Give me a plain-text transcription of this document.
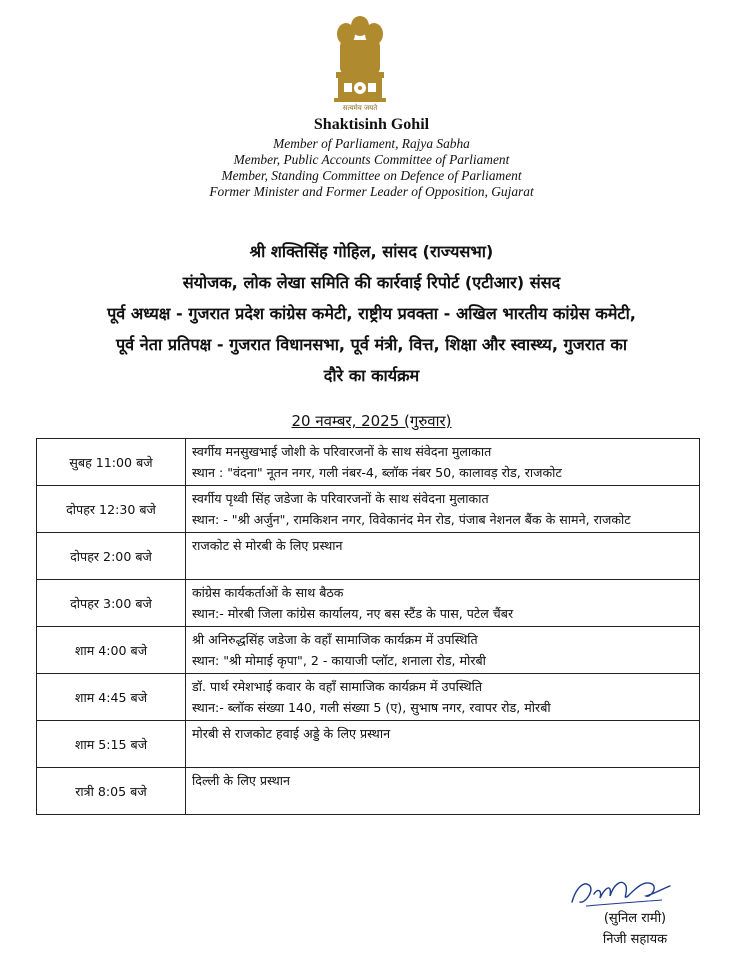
सत्यमेव जयते
Shaktisinh Gohil
Member of Parliament, Rajya Sabha
Member, Public Accounts Committee of Parliament
Member, Standing Committee on Defence of Parliament
Former Minister and Former Leader of Opposition, Gujarat
श्री शक्तिसिंह गोहिल, सांसद (राज्यसभा)
संयोजक, लोक लेखा समिति की कार्रवाई रिपोर्ट (एटीआर) संसद
पूर्व अध्यक्ष - गुजरात प्रदेश कांग्रेस कमेटी, राष्ट्रीय प्रवक्ता - अखिल भारतीय कांग्रेस कमेटी,
पूर्व नेता प्रतिपक्ष - गुजरात विधानसभा, पूर्व मंत्री, वित्त, शिक्षा और स्वास्थ्य, गुजरात का
दौरे का कार्यक्रम
20 नवम्बर, 2025 (गुरुवार)
सुबह 11:00 बजे	स्वर्गीय मनसुखभाई जोशी के परिवारजनों के साथ संवेदना मुलाकात
स्थान : "वंदना" नूतन नगर, गली नंबर-4, ब्लॉक नंबर 50, कालावड़ रोड, राजकोट

दोपहर 12:30 बजे	स्वर्गीय पृथ्वी सिंह जडेजा के परिवारजनों के साथ संवेदना मुलाकात
स्थान: - "श्री अर्जुन", रामकिशन नगर, विवेकानंद मेन रोड, पंजाब नेशनल बैंक के सामने, राजकोट

दोपहर 2:00 बजे	राजकोट से मोरबी के लिए प्रस्थान

दोपहर 3:00 बजे	कांग्रेस कार्यकर्ताओं के साथ बैठक
स्थान:- मोरबी जिला कांग्रेस कार्यालय, नए बस स्टैंड के पास, पटेल चैंबर

शाम 4:00 बजे	श्री अनिरुद्धसिंह जडेजा के वहाँ सामाजिक कार्यक्रम में उपस्थिति
स्थान: "श्री मोमाई कृपा", 2 - कायाजी प्लॉट, शनाला रोड, मोरबी

शाम 4:45 बजे	डॉ. पार्थ रमेशभाई कवार के वहाँ सामाजिक कार्यक्रम में उपस्थिति
स्थान:- ब्लॉक संख्या 140, गली संख्या 5 (ए), सुभाष नगर, रवापर रोड, मोरबी

शाम 5:15 बजे	मोरबी से राजकोट हवाई अड्डे के लिए प्रस्थान

रात्री 8:05 बजे	दिल्ली के लिए प्रस्थान

(सुनिल रामी)
निजी सहायक
